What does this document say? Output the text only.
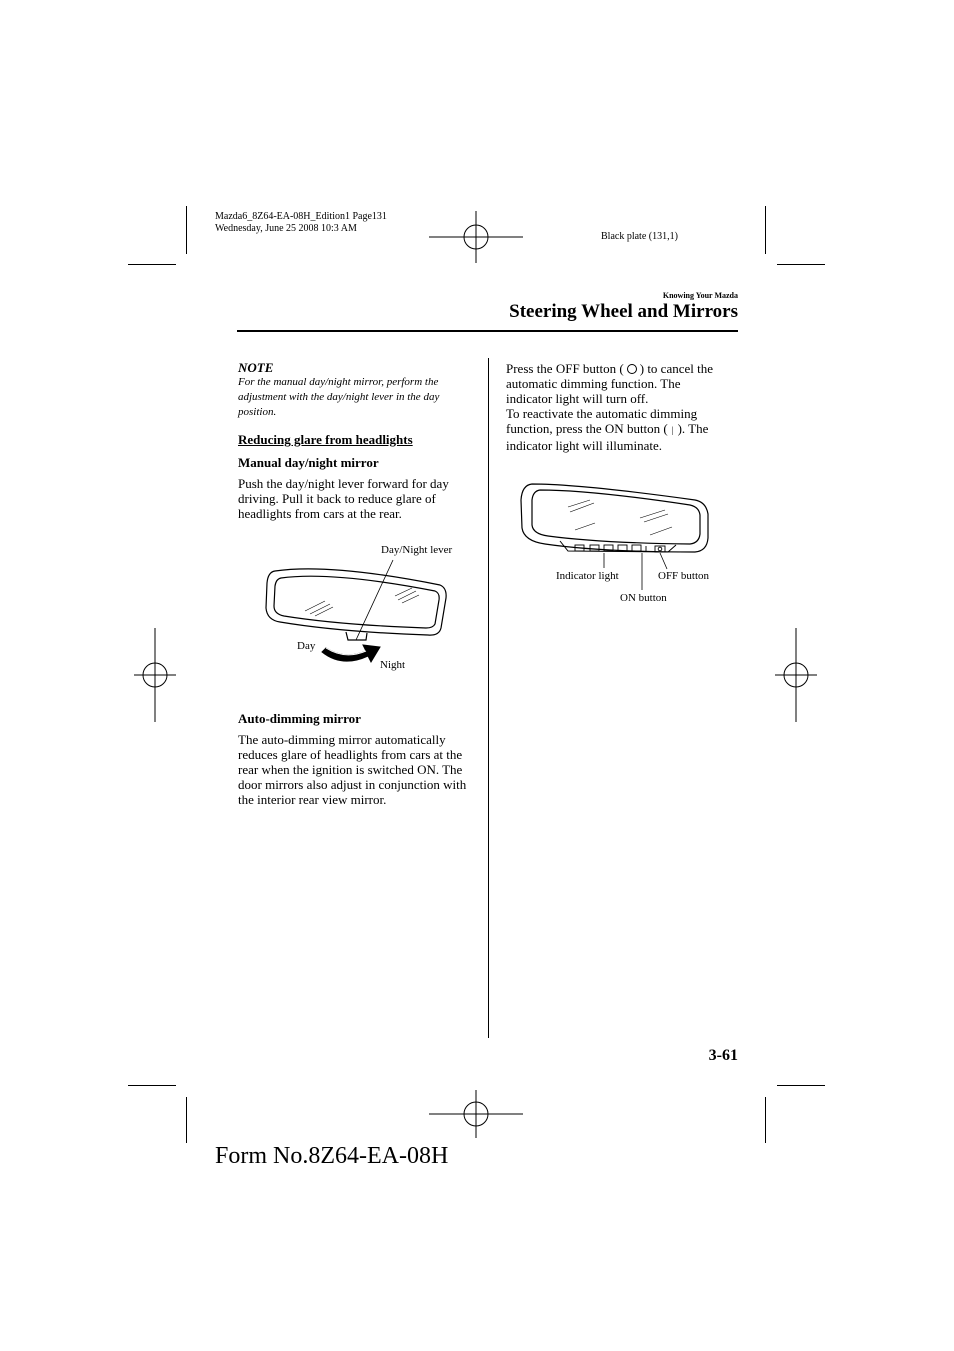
Mazda6_8Z64-EA-08H_Edition1 Page131
Wednesday, June 25 2008 10:3 AM
Black plate (131,1)
Knowing Your Mazda
Steering Wheel and Mirrors
NOTE
For the manual day/night mirror, perform the adjustment with the day/night lever in the day position.
Reducing glare from headlights
Manual day/night mirror
Push the day/night lever forward for day driving. Pull it back to reduce glare of headlights from cars at the rear.
Day/Night lever
Day
Night
Auto-dimming mirror
The auto-dimming mirror automatically reduces glare of headlights from cars at the rear when the ignition is switched ON. The door mirrors also adjust in conjunction with the interior rear view mirror.
Press the OFF button ( ) to cancel the automatic dimming function. The indicator light will turn off.
To reactivate the automatic dimming function, press the ON button ( | ). The indicator light will illuminate.
Indicator light	OFF button
ON button
3-61
Form No.8Z64-EA-08H
